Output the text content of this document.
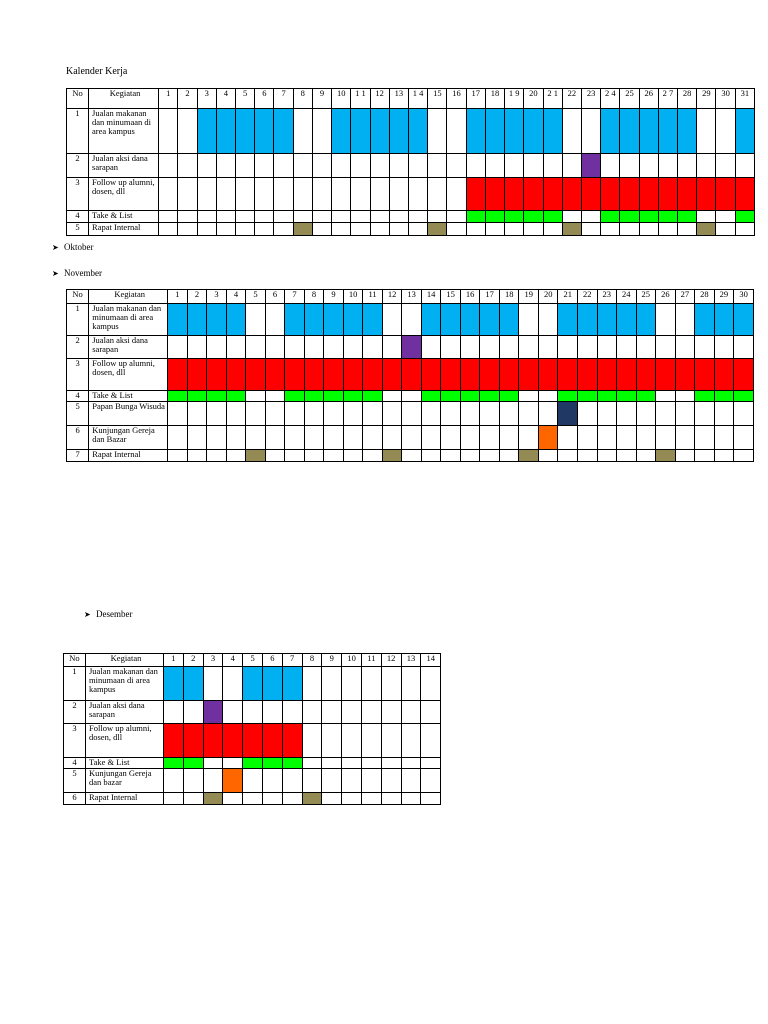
Kalender Kerja
➤ Oktober
➤ November
➤ Desember
No	Kegiatan	1	2	3	4	5	6	7	8	9	10	1 1	12	13	1 4	15	16	17	18	1 9	20	2 1	22	23	2 4	25	26	2 7	28	29	30	31
1	Jualan makanan dan minumaan di area kampus																															
2	Jualan aksi dana sarapan																															
3	Follow up alumni, dosen, dll																															
4	Take & List																															
5	Rapat Internal																															
No	Kegiatan	1	2	3	4	5	6	7	8	9	10	11	12	13	14	15	16	17	18	19	20	21	22	23	24	25	26	27	28	29	30
1	Jualan makanan dan minumaan di area kampus																														
2	Jualan aksi dana sarapan																														
3	Follow up alumni, dosen, dll																														
4	Take & List																														
5	Papan Bunga Wisuda																														
6	Kunjungan Gereja dan Bazar																														
7	Rapat Internal																														
No	Kegiatan	1	2	3	4	5	6	7	8	9	10	11	12	13	14
1	Jualan makanan dan minumaan di area kampus														
2	Jualan aksi dana sarapan														
3	Follow up alumni, dosen, dll														
4	Take & List														
5	Kunjungan Gereja dan bazar														
6	Rapat Internal														
